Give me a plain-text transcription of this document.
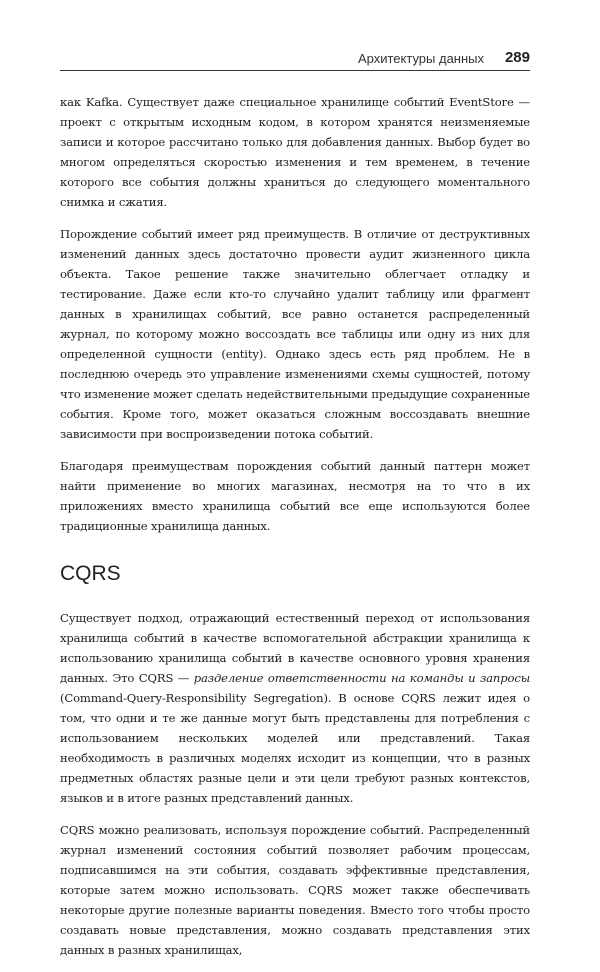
Архитектуры данных 289

как Kafka. Существует даже специальное хранилище событий EventStore — проект с открытым исходным кодом, в котором хранятся неизменяемые записи и которое рассчитано только для добавления данных. Выбор будет во многом определяться скоростью изменения и тем временем, в течение которого все события должны храниться до следующего моментального снимка и сжатия.

Порождение событий имеет ряд преимуществ. В отличие от деструктивных изменений данных здесь достаточно провести аудит жизненного цикла объекта. Такое решение также значительно облегчает отладку и тестирование. Даже если кто-то случайно удалит таблицу или фрагмент данных в хранилищах событий, все равно останется распределенный журнал, по которому можно воссоздать все таблицы или одну из них для определенной сущности (entity). Однако здесь есть ряд проблем. Не в последнюю очередь это управление изменениями схемы сущностей, потому что изменение может сделать недействительными предыдущие сохраненные события. Кроме того, может оказаться сложным воссоздавать внешние зависимости при воспроизведении потока событий.

Благодаря преимуществам порождения событий данный паттерн может найти применение во многих магазинах, несмотря на то что в их приложениях вместо хранилища событий все еще используются более традиционные хранилища данных.

CQRS

Существует подход, отражающий естественный переход от использования хранилища событий в качестве вспомогательной абстракции хранилища к использованию хранилища событий в качестве основного уровня хранения данных. Это CQRS — разделение ответственности на команды и запросы (Command-Query-Responsibility Segregation). В основе CQRS лежит идея о том, что одни и те же данные могут быть представлены для потребления с использованием нескольких моделей или представлений. Такая необходимость в различных моделях исходит из концепции, что в разных предметных областях разные цели и эти цели требуют разных контекстов, языков и в итоге разных представлений данных.

CQRS можно реализовать, используя порождение событий. Распределенный журнал изменений состояния событий позволяет рабочим процессам, подписавшимся на эти события, создавать эффективные представления, которые затем можно использовать. CQRS может также обеспечивать некоторые другие полезные варианты поведения. Вместо того чтобы просто создавать новые представления, можно создавать представления этих данных в разных хранилищах,
